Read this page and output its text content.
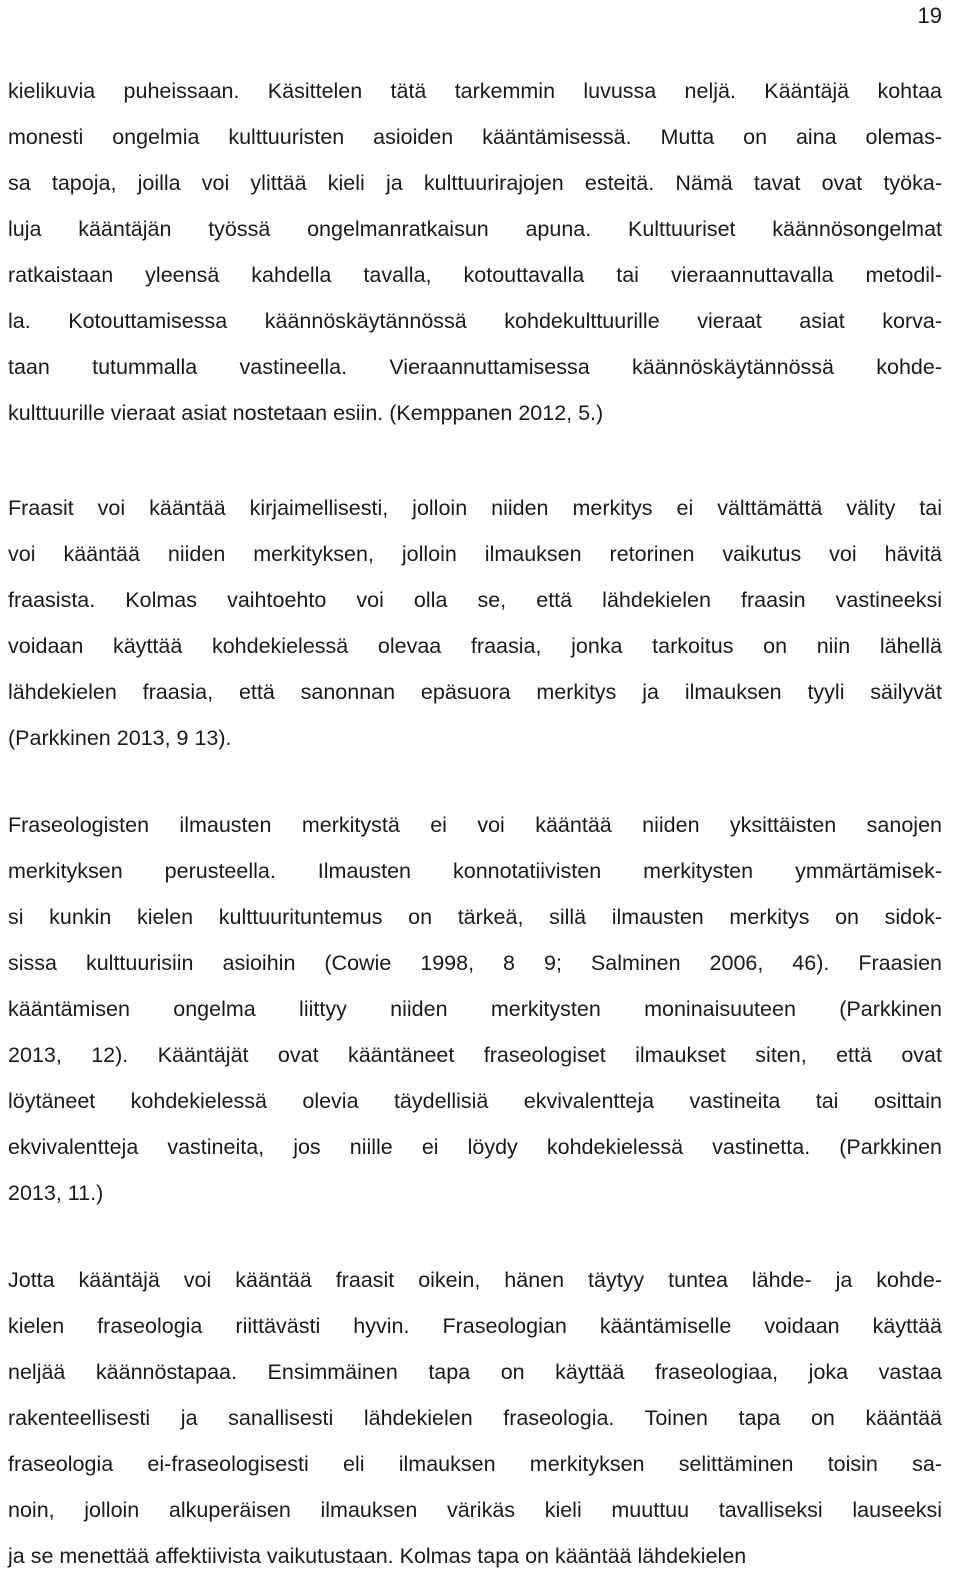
19
kielikuvia puheissaan. Käsittelen tätä tarkemmin luvussa neljä. Kääntäjä kohtaa
monesti ongelmia kulttuuristen asioiden kääntämisessä. Mutta on aina olemas-
sa tapoja, joilla voi ylittää kieli ja kulttuurirajojen esteitä. Nämä tavat ovat työka-
luja kääntäjän työssä ongelmanratkaisun apuna. Kulttuuriset käännösongelmat
ratkaistaan yleensä kahdella tavalla, kotouttavalla tai vieraannuttavalla metodil-
la. Kotouttamisessa käännöskäytännössä kohdekulttuurille vieraat asiat korva-
taan tutummalla vastineella. Vieraannuttamisessa käännöskäytännössä kohde-
kulttuurille vieraat asiat nostetaan esiin. (Kemppanen 2012, 5.)
Fraasit voi kääntää kirjaimellisesti, jolloin niiden merkitys ei välttämättä välity tai
voi kääntää niiden merkityksen, jolloin ilmauksen retorinen vaikutus voi hävitä
fraasista. Kolmas vaihtoehto voi olla se, että lähdekielen fraasin vastineeksi
voidaan käyttää kohdekielessä olevaa fraasia, jonka tarkoitus on niin lähellä
lähdekielen fraasia, että sanonnan epäsuora merkitys ja ilmauksen tyyli säilyvät
(Parkkinen 2013, 9 13).
Fraseologisten ilmausten merkitystä ei voi kääntää niiden yksittäisten sanojen
merkityksen perusteella. Ilmausten konnotatiivisten merkitysten ymmärtämisek-
si kunkin kielen kulttuurituntemus on tärkeä, sillä ilmausten merkitys on sidok-
sissa kulttuurisiin asioihin (Cowie 1998, 8 9; Salminen 2006, 46). Fraasien
kääntämisen ongelma liittyy niiden merkitysten moninaisuuteen (Parkkinen
2013, 12). Kääntäjät ovat kääntäneet fraseologiset ilmaukset siten, että ovat
löytäneet kohdekielessä olevia täydellisiä ekvivalentteja vastineita tai osittain
ekvivalentteja vastineita, jos niille ei löydy kohdekielessä vastinetta. (Parkkinen
2013, 11.)
Jotta kääntäjä voi kääntää fraasit oikein, hänen täytyy tuntea lähde- ja kohde-
kielen fraseologia riittävästi hyvin. Fraseologian kääntämiselle voidaan käyttää
neljää käännöstapaa. Ensimmäinen tapa on käyttää fraseologiaa, joka vastaa
rakenteellisesti ja sanallisesti lähdekielen fraseologia. Toinen tapa on kääntää
fraseologia ei-fraseologisesti eli ilmauksen merkityksen selittäminen toisin sa-
noin, jolloin alkuperäisen ilmauksen värikäs kieli muuttuu tavalliseksi lauseeksi
ja se menettää affektiivista vaikutustaan. Kolmas tapa on kääntää lähdekielen
